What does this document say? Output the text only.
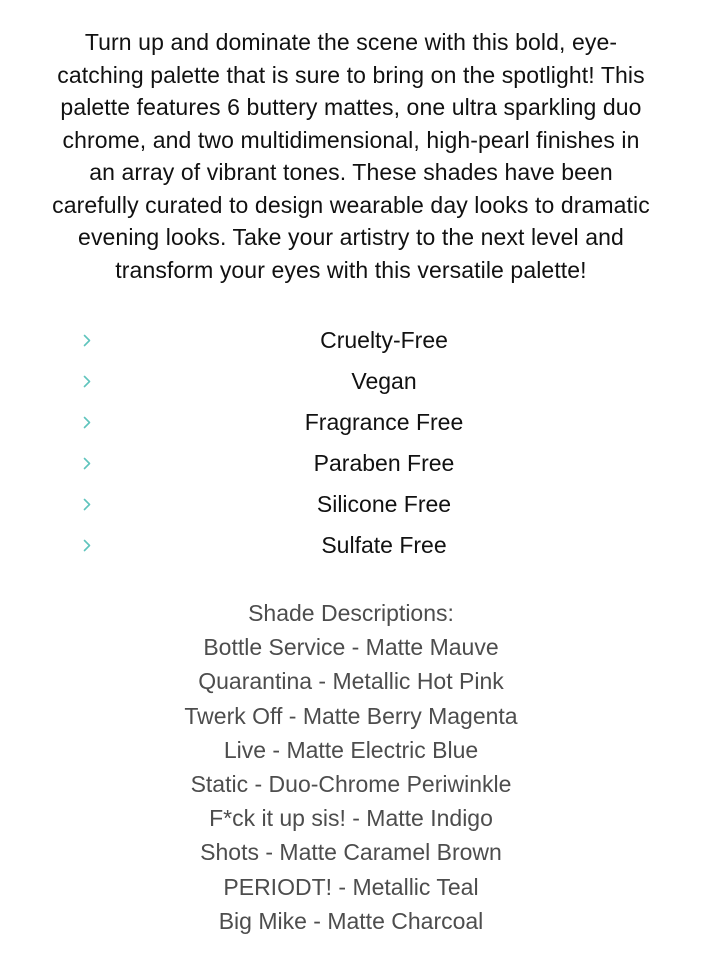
Turn up and dominate the scene with this bold, eye-catching palette that is sure to bring on the spotlight! This palette features 6 buttery mattes, one ultra sparkling duo chrome, and two multidimensional, high-pearl finishes in an array of vibrant tones. These shades have been carefully curated to design wearable day looks to dramatic evening looks. Take your artistry to the next level and transform your eyes with this versatile palette!

Cruelty-Free
Vegan
Fragrance Free
Paraben Free
Silicone Free
Sulfate Free
Shade Descriptions:
Bottle Service - Matte Mauve
Quarantina - Metallic Hot Pink
Twerk Off - Matte Berry Magenta
Live - Matte Electric Blue
Static - Duo-Chrome Periwinkle
F*ck it up sis! - Matte Indigo
Shots - Matte Caramel Brown
PERIODT! - Metallic Teal
Big Mike - Matte Charcoal
